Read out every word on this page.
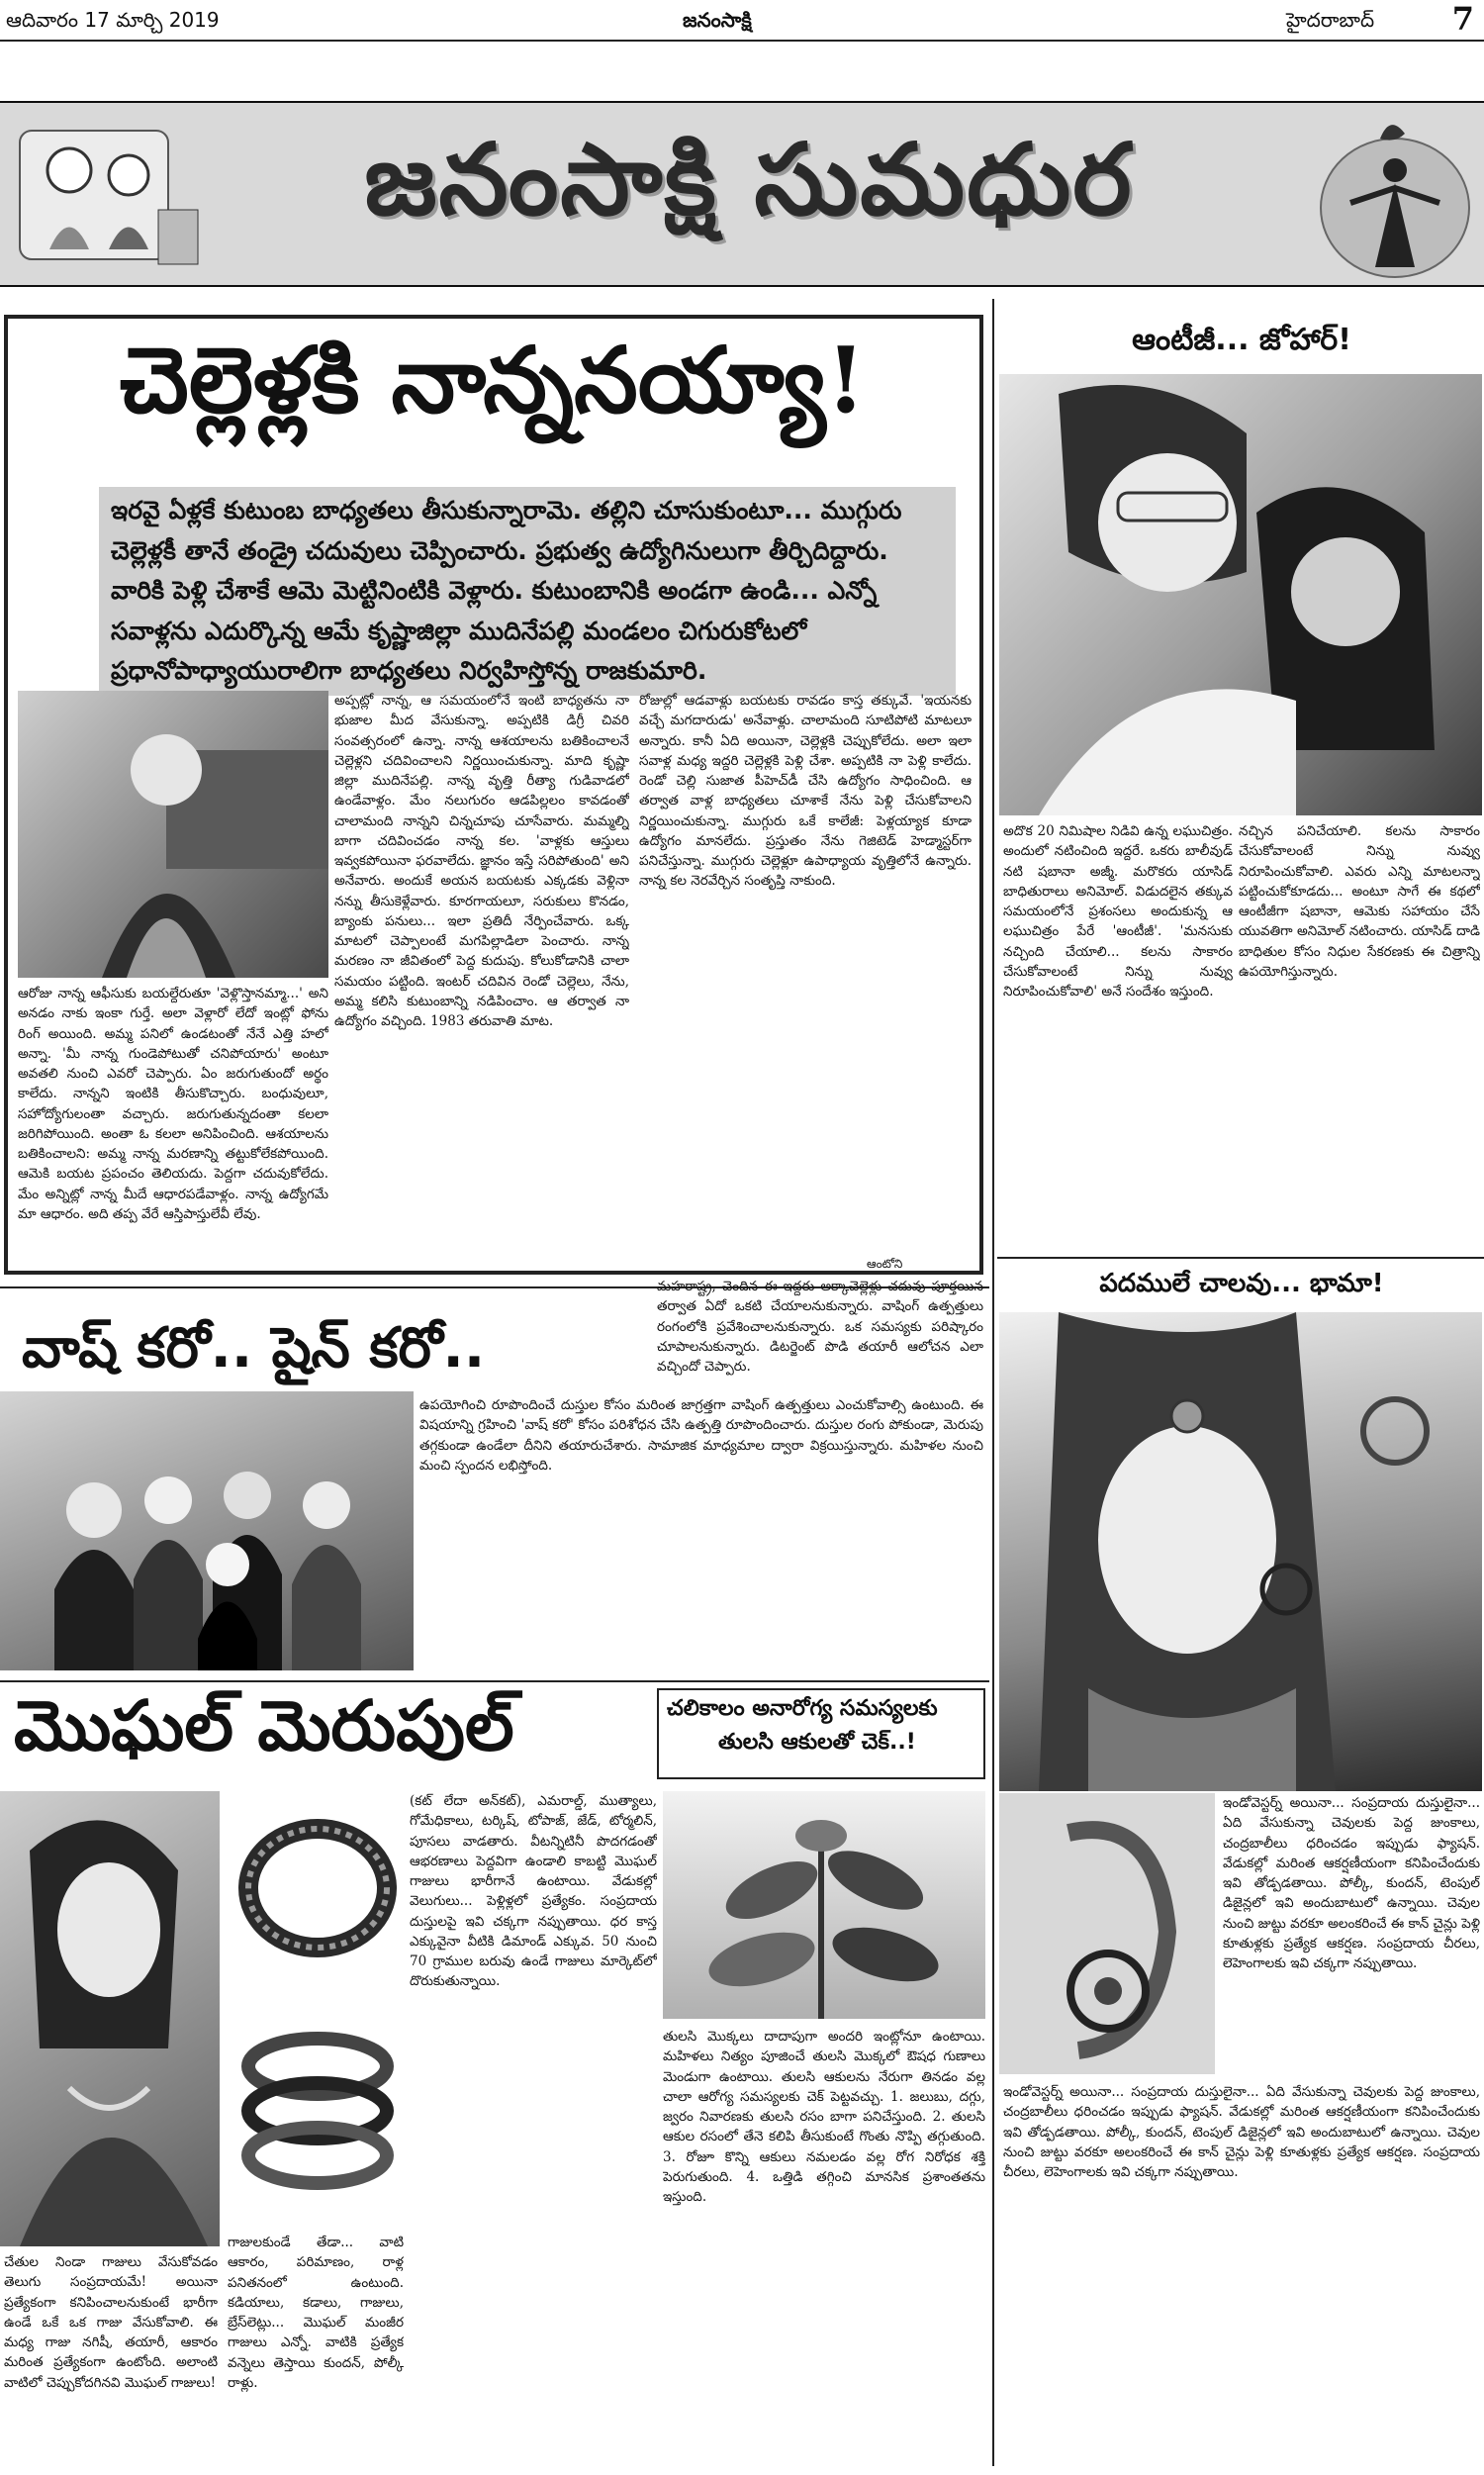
ఆదివారం 17 మార్చి 2019	జనంసాక్షి	హైదరాబాద్ 7
జనంసాక్షి సుమధుర
చెల్లెళ్లకి నాన్ననయ్యా!
ఇరవై ఏళ్లకే కుటుంబ బాధ్యతలు తీసుకున్నారామె. తల్లిని చూసుకుంటూ... ముగ్గురు చెల్లెళ్లకీ తానే తండ్రై చదువులు చెప్పించారు. ప్రభుత్వ ఉద్యోగినులుగా తీర్చిదిద్దారు. వారికి పెళ్లి చేశాకే ఆమె మెట్టినింటికి వెళ్లారు. కుటుంబానికి అండగా ఉండి... ఎన్నో సవాళ్లను ఎదుర్కొన్న ఆమే కృష్ణాజిల్లా ముదినేపల్లి మండలం చిగురుకోటలో ప్రధానోపాధ్యాయురాలిగా బాధ్యతలు నిర్వహిస్తోన్న రాజకుమారి.
ఆరోజు నాన్న ఆఫీసుకు బయల్దేరుతూ 'వెళ్లొస్తానమ్మా...' అని అనడం నాకు ఇంకా గుర్తే. అలా వెళ్లారో లేదో ఇంట్లో ఫోను రింగ్ అయింది. అమ్మ పనిలో ఉండటంతో నేనే ఎత్తి హలో అన్నా. 'మీ నాన్న గుండెపోటుతో చనిపోయారు' అంటూ అవతలి నుంచి ఎవరో చెప్పారు. ఏం జరుగుతుందో అర్థం కాలేదు. నాన్నని ఇంటికి తీసుకొచ్చారు. బంధువులూ, సహోద్యోగులంతా వచ్చారు. జరుగుతున్నదంతా కలలా జరిగిపోయింది. అంతా ఓ కలలా అనిపించింది. ఆశయాలను బతికించాలని: అమ్మ నాన్న మరణాన్ని తట్టుకోలేకపోయింది. ఆమెకి బయట ప్రపంచం తెలియదు. పెద్దగా చదువుకోలేదు. మేం అన్నిట్లో నాన్న మీదే ఆధారపడేవాళ్లం. నాన్న ఉద్యోగమే మా ఆధారం. అది తప్ప వేరే ఆస్తిపాస్తులేవీ లేవు.
అప్పట్లో నాన్న, ఆ సమయంలోనే ఇంటి బాధ్యతను నా భుజాల మీద వేసుకున్నా. అప్పటికి డిగ్రీ చివరి సంవత్సరంలో ఉన్నా. నాన్న ఆశయాలను బతికించాలనే చెల్లెళ్లని చదివించాలని నిర్ణయించుకున్నా. మాది కృష్ణా జిల్లా ముదినేపల్లి. నాన్న వృత్తి రీత్యా గుడివాడలో ఉండేవాళ్లం. మేం నలుగురం ఆడపిల్లలం కావడంతో చాలామంది నాన్నని చిన్నచూపు చూసేవారు. మమ్మల్ని బాగా చదివించడం నాన్న కల. 'వాళ్లకు ఆస్తులు ఇవ్వకపోయినా ఫరవాలేదు. జ్ఞానం ఇస్తే సరిపోతుంది' అని అనేవారు. అందుకే అయన బయటకు ఎక్కడకు వెళ్లినా నన్ను తీసుకెళ్లేవారు. కూరగాయలూ, సరుకులు కొనడం, బ్యాంకు పనులు... ఇలా ప్రతిదీ నేర్పించేవారు. ఒక్క మాటలో చెప్పాలంటే మగపిల్లాడిలా పెంచారు. నాన్న మరణం నా జీవితంలో పెద్ద కుదుపు. కోలుకోడానికి చాలా సమయం పట్టింది. ఇంటర్ చదివిన రెండో చెల్లెలు, నేను, అమ్మ కలిసి కుటుంబాన్ని నడిపించాం. ఆ తర్వాత నా ఉద్యోగం వచ్చింది. 1983 తరువాతి మాట.
రోజుల్లో ఆడవాళ్లు బయటకు రావడం కాస్త తక్కువే. 'ఇయనకు వచ్చే మగదారుడు' అనేవాళ్లు. చాలామంది సూటిపోటి మాటలూ అన్నారు. కానీ ఏది అయినా, చెల్లెళ్లకి చెప్పుకోలేదు. అలా ఇలా సవాళ్ల మధ్య ఇద్దరి చెల్లెళ్లకి పెళ్లి చేశా. అప్పటికి నా పెళ్లి కాలేదు. రెండో చెల్లి సుజాత పీహెచ్‌డీ చేసి ఉద్యోగం సాధించింది. ఆ తర్వాత వాళ్ల బాధ్యతలు చూశాకే నేను పెళ్లి చేసుకోవాలని నిర్ణయించుకున్నా. ముగ్గురు ఒకే కాలేజీ: పెళ్లయ్యాక కూడా ఉద్యోగం మానలేదు. ప్రస్తుతం నేను గెజిటెడ్ హెడ్మాస్టర్‌గా పనిచేస్తున్నా. ముగ్గురు చెల్లెళ్లూ ఉపాధ్యాయ వృత్తిలోనే ఉన్నారు. నాన్న కల నెరవేర్చిన సంతృప్తి నాకుంది.
వాష్ కరో.. షైన్ కరో..
ఆంటోని
మహరాష్ట్ర, చెందిన ఈ ఇద్దరు అక్కాచెల్లెళ్లు చదువు పూర్తయిన తర్వాత ఏదో ఒకటి చేయాలనుకున్నారు. వాషింగ్ ఉత్పత్తులు రంగంలోకి ప్రవేశించాలనుకున్నారు. ఒక సమస్యకు పరిష్కారం చూపాలనుకున్నారు. డిటర్జెంట్ పొడి తయారీ ఆలోచన ఎలా వచ్చిందో చెప్పారు.
ఉపయోగించి రూపొందించే దుస్తుల కోసం మరింత జాగ్రత్తగా వాషింగ్ ఉత్పత్తులు ఎంచుకోవాల్సి ఉంటుంది. ఈ విషయాన్ని గ్రహించి 'వాష్ కరో' కోసం పరిశోధన చేసి ఉత్పత్తి రూపొందించారు. దుస్తుల రంగు పోకుండా, మెరుపు తగ్గకుండా ఉండేలా దీనిని తయారుచేశారు. సామాజిక మాధ్యమాల ద్వారా విక్రయిస్తున్నారు. మహిళల నుంచి మంచి స్పందన లభిస్తోంది.
ఆంటీజీ... జోహార్!
అదొక 20 నిమిషాల నిడివి ఉన్న లఘుచిత్రం. అందులో నటించింది ఇద్దరే. ఒకరు బాలీవుడ్ నటి షబానా అజ్మీ. మరొకరు యాసిడ్ బాధితురాలు అనిమోల్. విడుదలైన తక్కువ సమయంలోనే ప్రశంసలు అందుకున్న ఆ లఘుచిత్రం పేరే 'ఆంటీజీ'. 'మనసుకు నచ్చింది చేయాలి... కలను సాకారం చేసుకోవాలంటే నిన్ను నువ్వు నిరూపించుకోవాలి' అనే సందేశం ఇస్తుంది.
నచ్చిన పనిచేయాలి. కలను సాకారం చేసుకోవాలంటే నిన్ను నువ్వు నిరూపించుకోవాలి. ఎవరు ఎన్ని మాటలన్నా పట్టించుకోకూడదు... అంటూ సాగే ఈ కథలో ఆంటీజీగా షబానా, ఆమెకు సహాయం చేసే యువతిగా అనిమోల్ నటించారు. యాసిడ్ దాడి బాధితుల కోసం నిధుల సేకరణకు ఈ చిత్రాన్ని ఉపయోగిస్తున్నారు.
పదములే చాలవు... భామా!
ఇండోవెస్టర్న్ అయినా... సంప్రదాయ దుస్తులైనా... ఏది వేసుకున్నా చెవులకు పెద్ద జుంకాలు, చంద్రబాలీలు ధరించడం ఇప్పుడు ఫ్యాషన్. వేడుకల్లో మరింత ఆకర్షణీయంగా కనిపించేందుకు ఇవి తోడ్పడతాయి. పోల్కీ, కుందన్, టెంపుల్ డిజైన్లలో ఇవి అందుబాటులో ఉన్నాయి. చెవుల నుంచి జుట్టు వరకూ అలంకరించే ఈ కాన్ చైన్లు పెళ్లి కూతుళ్లకు ప్రత్యేక ఆకర్షణ. సంప్రదాయ చీరలు, లెహెంగాలకు ఇవి చక్కగా నప్పుతాయి.
ఇండోవెస్టర్న్ అయినా... సంప్రదాయ దుస్తులైనా... ఏది వేసుకున్నా చెవులకు పెద్ద జుంకాలు, చంద్రబాలీలు ధరించడం ఇప్పుడు ఫ్యాషన్. వేడుకల్లో మరింత ఆకర్షణీయంగా కనిపించేందుకు ఇవి తోడ్పడతాయి. పోల్కీ, కుందన్, టెంపుల్ డిజైన్లలో ఇవి అందుబాటులో ఉన్నాయి. చెవుల నుంచి జుట్టు వరకూ అలంకరించే ఈ కాన్ చైన్లు పెళ్లి కూతుళ్లకు ప్రత్యేక ఆకర్షణ. సంప్రదాయ చీరలు, లెహెంగాలకు ఇవి చక్కగా నప్పుతాయి.
మొఘల్ మెరుపుల్	చలికాలం అనారోగ్య సమస్యలకు
తులసి ఆకులతో చెక్..!
(కట్ లేదా అన్‌కట్), ఎమరాల్డ్, ముత్యాలు, గోమేధికాలు, టర్కిష్, టోపాజ్, జేడ్, టోర్మలిన్, పూసలు వాడతారు. వీటన్నిటినీ పొదగడంతో ఆభరణాలు పెద్దవిగా ఉండాలి కాబట్టి మొఘల్ గాజులు భారీగానే ఉంటాయి. వేడుకల్లో వెలుగులు... పెళ్లిళ్లలో ప్రత్యేకం. సంప్రదాయ దుస్తులపై ఇవి చక్కగా నప్పుతాయి. ధర కాస్త ఎక్కువైనా వీటికి డిమాండ్ ఎక్కువ. 50 నుంచి 70 గ్రాముల బరువు ఉండే గాజులు మార్కెట్‌లో దొరుకుతున్నాయి.
చేతుల నిండా గాజులు వేసుకోవడం తెలుగు సంప్రదాయమే! అయినా ప్రత్యేకంగా కనిపించాలనుకుంటే భారీగా ఉండే ఒకే ఒక గాజు వేసుకోవాలి. ఈ మధ్య గాజు నగిషీ, తయారీ, ఆకారం మరింత ప్రత్యేకంగా ఉంటోంది. అలాంటి వాటిలో చెప్పుకోదగినవి మొఘల్ గాజులు!
గాజులకుండే తేడా... వాటి ఆకారం, పరిమాణం, రాళ్ల పనితనంలో ఉంటుంది. కడియాలు, కడాలు, గాజులు, బ్రేస్‌లెట్లు... మొఘల్ మంజీర గాజులు ఎన్నో. వాటికి ప్రత్యేక వన్నెలు తెస్తాయి కుందన్, పోల్కీ రాళ్లు.
తులసి మొక్కలు దాదాపుగా అందరి ఇంట్లోనూ ఉంటాయి. మహిళలు నిత్యం పూజించే తులసి మొక్కలో ఔషధ గుణాలు మెండుగా ఉంటాయి. తులసి ఆకులను నేరుగా తినడం వల్ల చాలా ఆరోగ్య సమస్యలకు చెక్ పెట్టవచ్చు. 1. జలుబు, దగ్గు, జ్వరం నివారణకు తులసి రసం బాగా పనిచేస్తుంది. 2. తులసి ఆకుల రసంలో తేనె కలిపి తీసుకుంటే గొంతు నొప్పి తగ్గుతుంది. 3. రోజూ కొన్ని ఆకులు నమలడం వల్ల రోగ నిరోధక శక్తి పెరుగుతుంది. 4. ఒత్తిడి తగ్గించి మానసిక ప్రశాంతతను ఇస్తుంది.
